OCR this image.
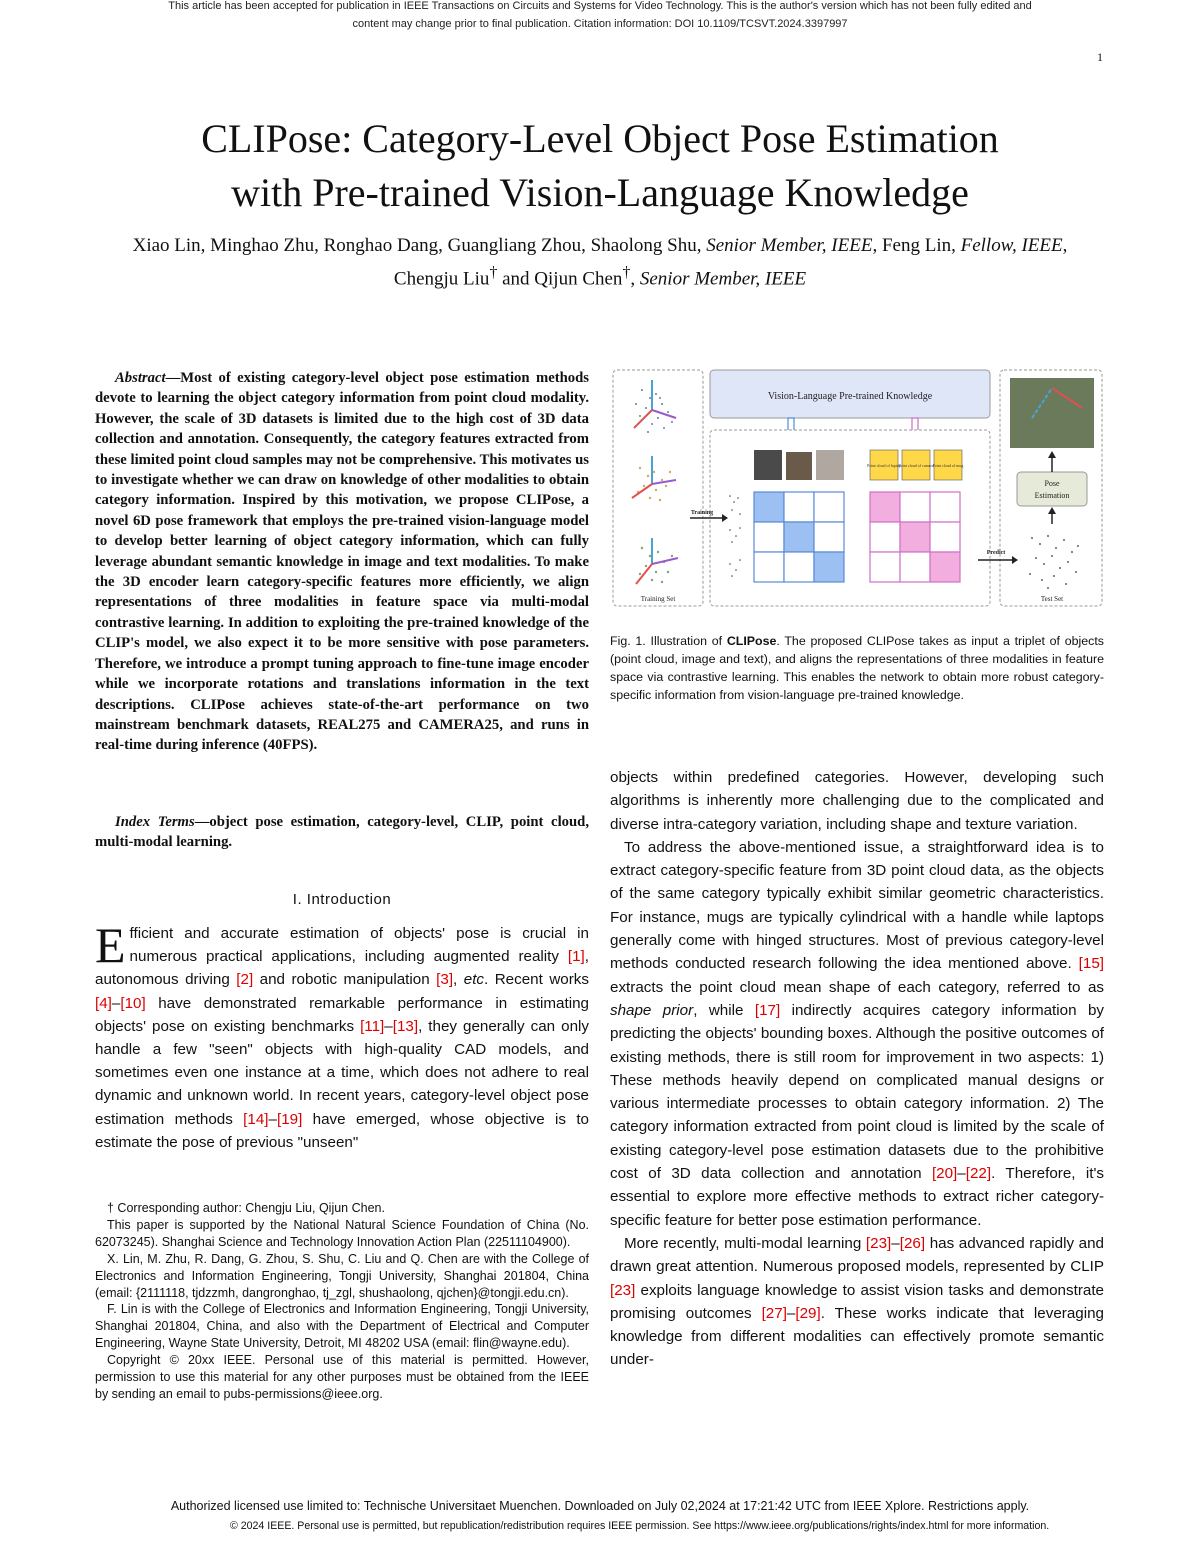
This article has been accepted for publication in IEEE Transactions on Circuits and Systems for Video Technology. This is the author's version which has not been fully edited and
content may change prior to final publication. Citation information: DOI 10.1109/TCSVT.2024.3397997
1
CLIPose: Category-Level Object Pose Estimation
with Pre-trained Vision-Language Knowledge
Xiao Lin, Minghao Zhu, Ronghao Dang, Guangliang Zhou, Shaolong Shu, Senior Member, IEEE, Feng Lin, Fellow, IEEE, Chengju Liu† and Qijun Chen†, Senior Member, IEEE
Abstract—Most of existing category-level object pose estimation methods devote to learning the object category information from point cloud modality. However, the scale of 3D datasets is limited due to the high cost of 3D data collection and annotation. Consequently, the category features extracted from these limited point cloud samples may not be comprehensive. This motivates us to investigate whether we can draw on knowledge of other modalities to obtain category information. Inspired by this motivation, we propose CLIPose, a novel 6D pose framework that employs the pre-trained vision-language model to develop better learning of object category information, which can fully leverage abundant semantic knowledge in image and text modalities. To make the 3D encoder learn category-specific features more efficiently, we align representations of three modalities in feature space via multi-modal contrastive learning. In addition to exploiting the pre-trained knowledge of the CLIP's model, we also expect it to be more sensitive with pose parameters. Therefore, we introduce a prompt tuning approach to fine-tune image encoder while we incorporate rotations and translations information in the text descriptions. CLIPose achieves state-of-the-art performance on two mainstream benchmark datasets, REAL275 and CAMERA25, and runs in real-time during inference (40FPS).
Index Terms—object pose estimation, category-level, CLIP, point cloud, multi-modal learning.
I. Introduction
Efficient and accurate estimation of objects' pose is crucial in numerous practical applications, including augmented reality [1], autonomous driving [2] and robotic manipulation [3], etc. Recent works [4]–[10] have demonstrated remarkable performance in estimating objects' pose on existing benchmarks [11]–[13], they generally can only handle a few "seen" objects with high-quality CAD models, and sometimes even one instance at a time, which does not adhere to real dynamic and unknown world. In recent years, category-level object pose estimation methods [14]–[19] have emerged, whose objective is to estimate the pose of previous "unseen"

† Corresponding author: Chengju Liu, Qijun Chen.

This paper is supported by the National Natural Science Foundation of China (No. 62073245). Shanghai Science and Technology Innovation Action Plan (22511104900).

X. Lin, M. Zhu, R. Dang, G. Zhou, S. Shu, C. Liu and Q. Chen are with the College of Electronics and Information Engineering, Tongji University, Shanghai 201804, China (email: {2111118, tjdzzmh, dangronghao, tj_zgl, shushaolong, qjchen}@tongji.edu.cn).

F. Lin is with the College of Electronics and Information Engineering, Tongji University, Shanghai 201804, China, and also with the Department of Electrical and Computer Engineering, Wayne State University, Detroit, MI 48202 USA (email: flin@wayne.edu).

Copyright © 20xx IEEE. Personal use of this material is permitted. However, permission to use this material for any other purposes must be obtained from the IEEE by sending an email to pubs-permissions@ieee.org.

Training Set
Vision-Language Pre-trained Knowledge
Point cloud of laptop
Point cloud of camera Point cloud of mug
Training
Pose
Estimation
Test Set
Predict
Fig. 1. Illustration of CLIPose. The proposed CLIPose takes as input a triplet of objects (point cloud, image and text), and aligns the representations of three modalities in feature space via contrastive learning. This enables the network to obtain more robust category-specific information from vision-language pre-trained knowledge.

objects within predefined categories. However, developing such algorithms is inherently more challenging due to the complicated and diverse intra-category variation, including shape and texture variation.

To address the above-mentioned issue, a straightforward idea is to extract category-specific feature from 3D point cloud data, as the objects of the same category typically exhibit similar geometric characteristics. For instance, mugs are typically cylindrical with a handle while laptops generally come with hinged structures. Most of previous category-level methods conducted research following the idea mentioned above. [15] extracts the point cloud mean shape of each category, referred to as shape prior, while [17] indirectly acquires category information by predicting the objects' bounding boxes. Although the positive outcomes of existing methods, there is still room for improvement in two aspects: 1) These methods heavily depend on complicated manual designs or various intermediate processes to obtain category information. 2) The category information extracted from point cloud is limited by the scale of existing category-level pose estimation datasets due to the prohibitive cost of 3D data collection and annotation [20]–[22]. Therefore, it's essential to explore more effective methods to extract richer category-specific feature for better pose estimation performance.

More recently, multi-modal learning [23]–[26] has advanced rapidly and drawn great attention. Numerous proposed models, represented by CLIP [23] exploits language knowledge to assist vision tasks and demonstrate promising outcomes [27]–[29]. These works indicate that leveraging knowledge from different modalities can effectively promote semantic under-

Authorized licensed use limited to: Technische Universitaet Muenchen. Downloaded on July 02,2024 at 17:21:42 UTC from IEEE Xplore. Restrictions apply.
© 2024 IEEE. Personal use is permitted, but republication/redistribution requires IEEE permission. See https://www.ieee.org/publications/rights/index.html for more information.
